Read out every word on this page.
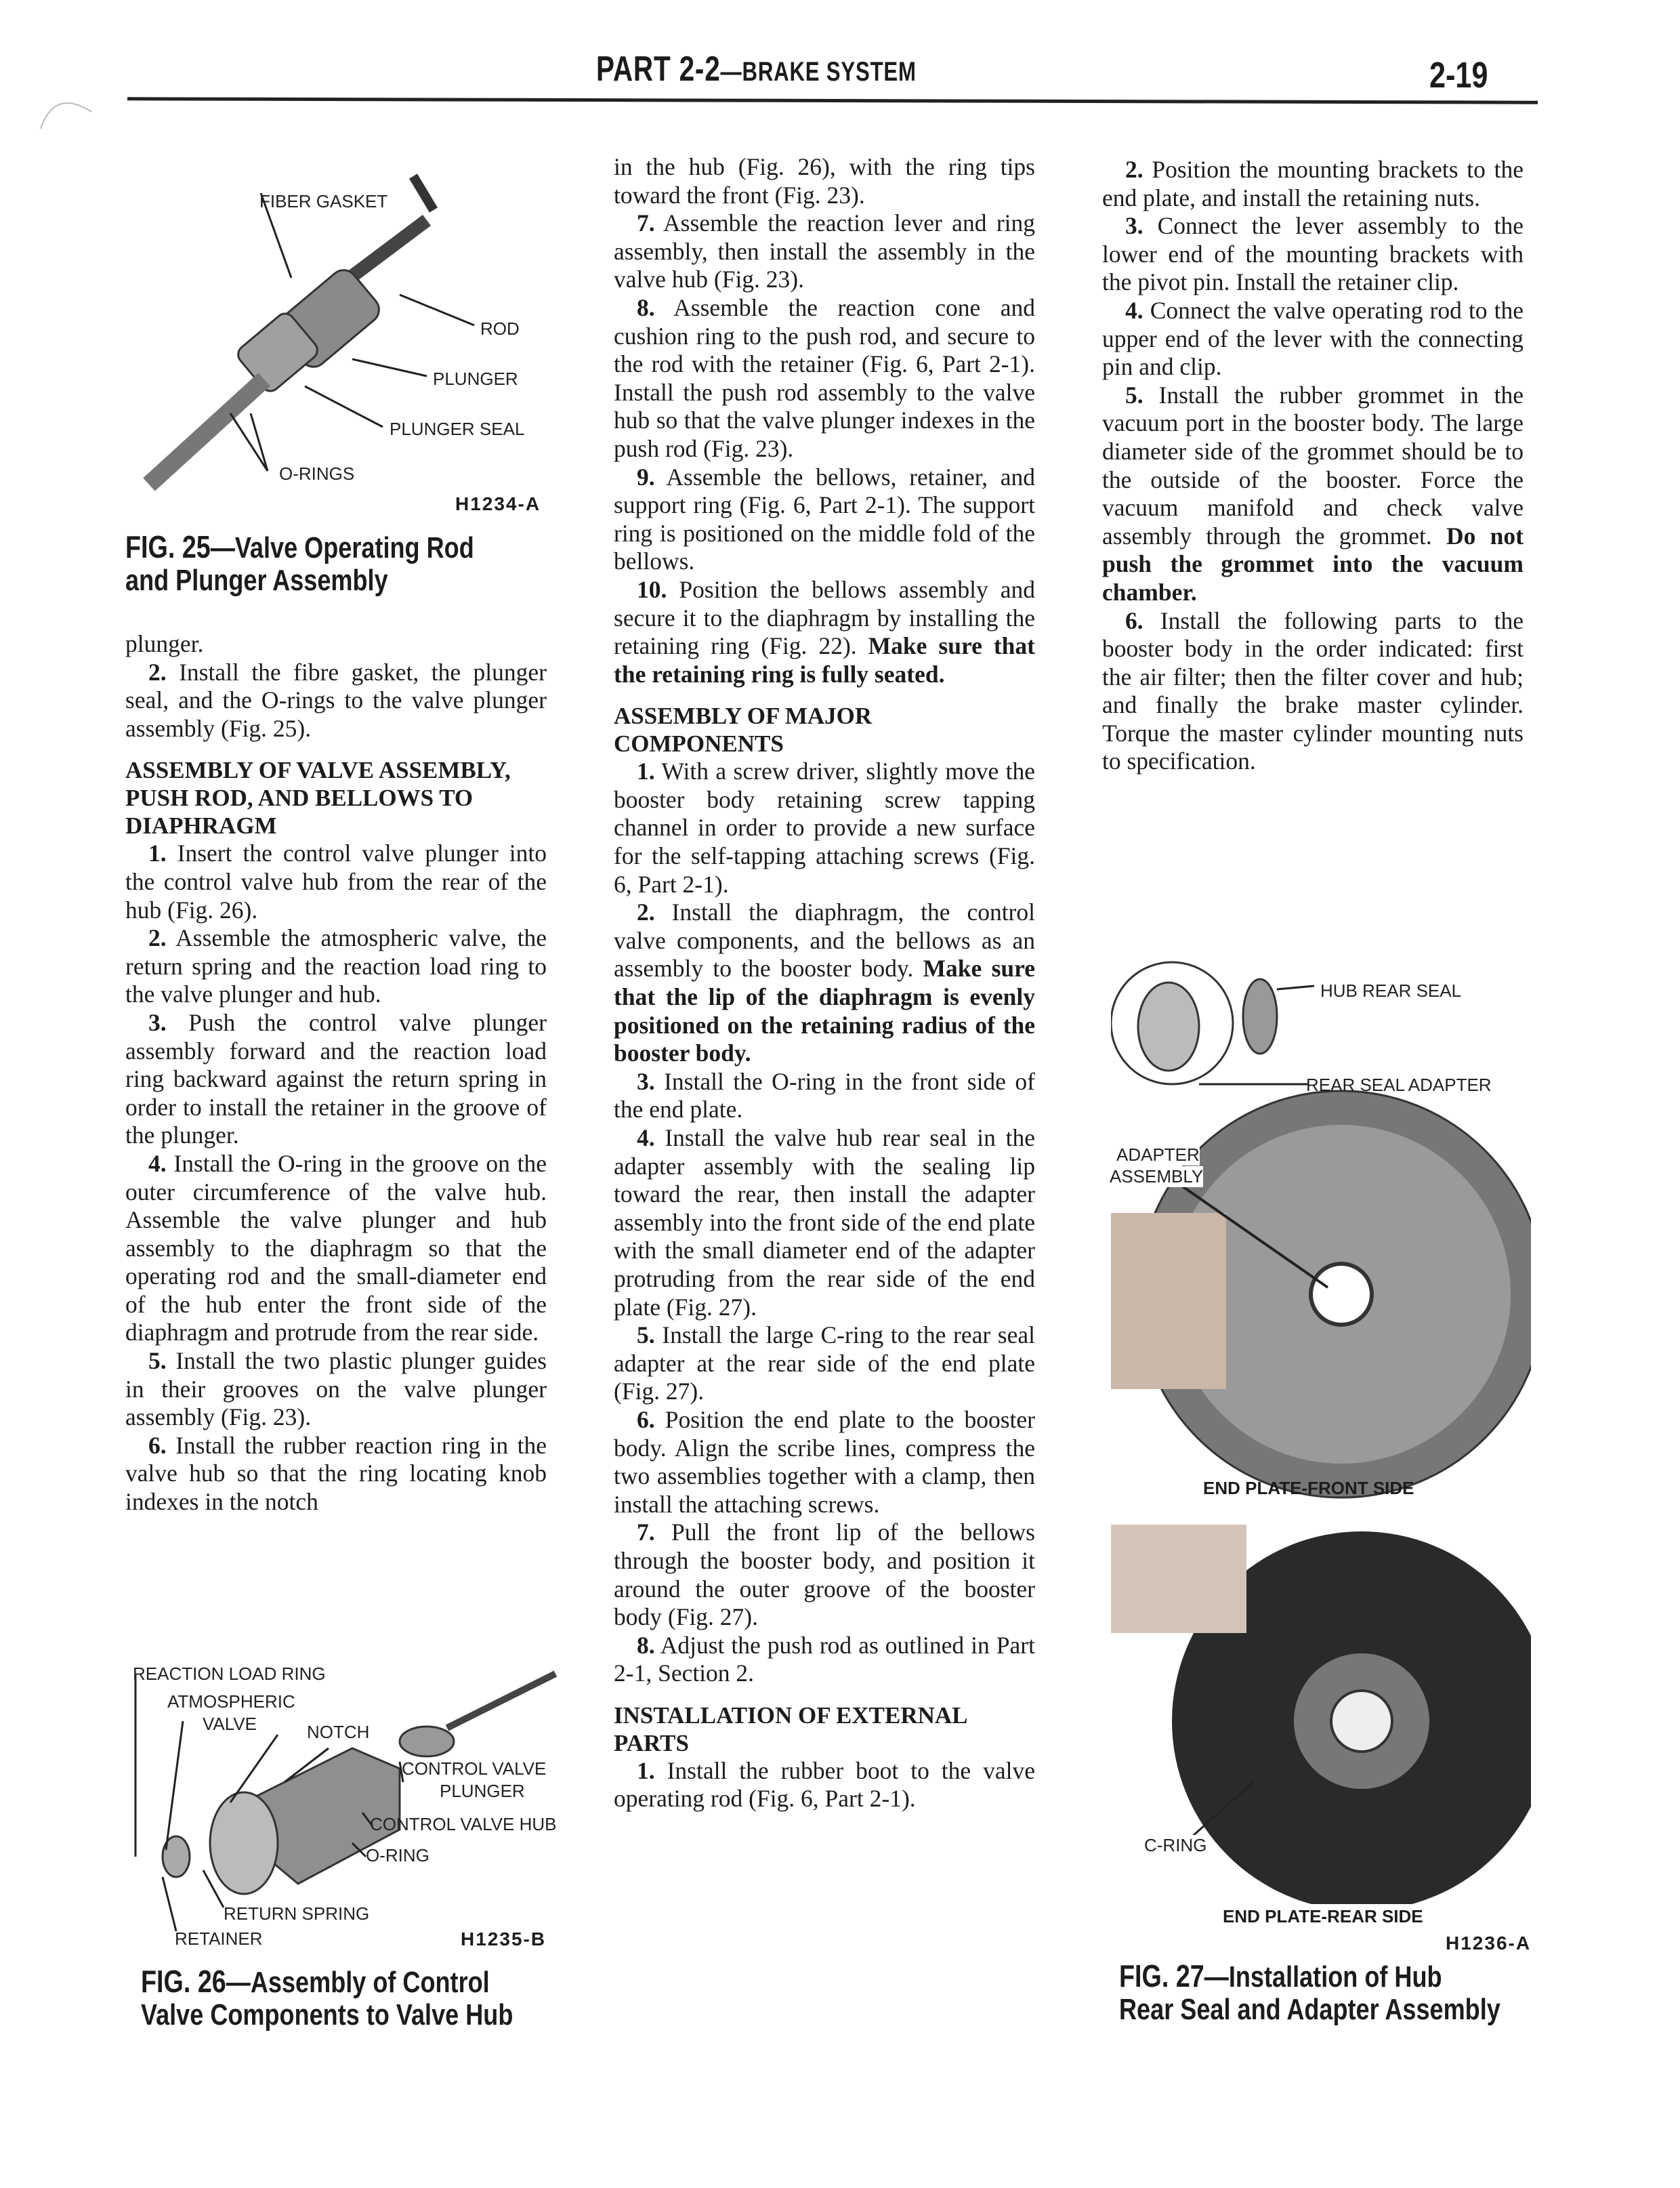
PART 2-2—BRAKE SYSTEM	2-19
FIBER GASKET
ROD
PLUNGER
PLUNGER SEAL
O-RINGS
H1234-A
FIG. 25—Valve Operating Rod
and Plunger Assembly

plunger.

2. Install the fibre gasket, the plunger seal, and the O-rings to the valve plunger assembly (Fig. 25).

ASSEMBLY OF VALVE ASSEMBLY, PUSH ROD, AND BELLOWS TO DIAPHRAGM

1. Insert the control valve plunger into the control valve hub from the rear of the hub (Fig. 26).

2. Assemble the atmospheric valve, the return spring and the reaction load ring to the valve plunger and hub.

3. Push the control valve plunger assembly forward and the reaction load ring backward against the return spring in order to install the retainer in the groove of the plunger.

4. Install the O-ring in the groove on the outer circumference of the valve hub. Assemble the valve plunger and hub assembly to the diaphragm so that the operating rod and the small-diameter end of the hub enter the front side of the diaphragm and protrude from the rear side.

5. Install the two plastic plunger guides in their grooves on the valve plunger assembly (Fig. 23).

6. Install the rubber reaction ring in the valve hub so that the ring locating knob indexes in the notch

in the hub (Fig. 26), with the ring tips toward the front (Fig. 23).

7. Assemble the reaction lever and ring assembly, then install the assembly in the valve hub (Fig. 23).

8. Assemble the reaction cone and cushion ring to the push rod, and secure to the rod with the retainer (Fig. 6, Part 2-1). Install the push rod assembly to the valve hub so that the valve plunger indexes in the push rod (Fig. 23).

9. Assemble the bellows, retainer, and support ring (Fig. 6, Part 2-1). The support ring is positioned on the middle fold of the bellows.

10. Position the bellows assembly and secure it to the diaphragm by installing the retaining ring (Fig. 22). Make sure that the retaining ring is fully seated.

ASSEMBLY OF MAJOR COMPONENTS

1. With a screw driver, slightly move the booster body retaining screw tapping channel in order to provide a new surface for the self-tapping attaching screws (Fig. 6, Part 2-1).

2. Install the diaphragm, the control valve components, and the bellows as an assembly to the booster body. Make sure that the lip of the diaphragm is evenly positioned on the retaining radius of the booster body.

3. Install the O-ring in the front side of the end plate.

4. Install the valve hub rear seal in the adapter assembly with the sealing lip toward the rear, then install the adapter assembly into the front side of the end plate with the small diameter end of the adapter protruding from the rear side of the end plate (Fig. 27).

5. Install the large C-ring to the rear seal adapter at the rear side of the end plate (Fig. 27).

6. Position the end plate to the booster body. Align the scribe lines, compress the two assemblies together with a clamp, then install the attaching screws.

7. Pull the front lip of the bellows through the booster body, and position it around the outer groove of the booster body (Fig. 27).

8. Adjust the push rod as outlined in Part 2-1, Section 2.

INSTALLATION OF EXTERNAL PARTS

1. Install the rubber boot to the valve operating rod (Fig. 6, Part 2-1).

2. Position the mounting brackets to the end plate, and install the retaining nuts.

3. Connect the lever assembly to the lower end of the mounting brackets with the pivot pin. Install the retainer clip.

4. Connect the valve operating rod to the upper end of the lever with the connecting pin and clip.

5. Install the rubber grommet in the vacuum port in the booster body. The large diameter side of the grommet should be to the outside of the booster. Force the vacuum manifold and check valve assembly through the grommet. Do not push the grommet into the vacuum chamber.

6. Install the following parts to the booster body in the order indicated: first the air filter; then the filter cover and hub; and finally the brake master cylinder. Torque the master cylinder mounting nuts to specification.

REACTION LOAD RING
ATMOSPHERIC
VALVE	NOTCH
CONTROL VALVE
PLUNGER
CONTROL VALVE HUB
O-RING
RETURN SPRING
RETAINER	H1235-B
FIG. 26—Assembly of Control
Valve Components to Valve Hub
HUB REAR SEAL
REAR SEAL ADAPTER
ADAPTER
ASSEMBLY
END PLATE-FRONT SIDE
C-RING
END PLATE-REAR SIDE
H1236-A
FIG. 27—Installation of Hub
Rear Seal and Adapter Assembly
